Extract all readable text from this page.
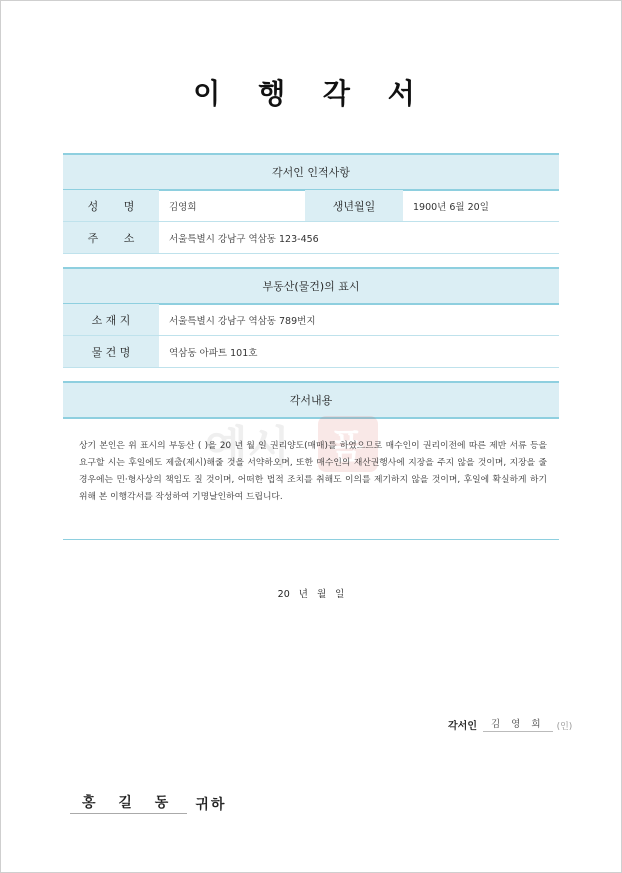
이 행 각 서
각서인 인적사항
성 명	김영희	생년월일	1900년 6월 20일
주 소	서울특별시 강남구 역삼동 123-456
부동산(물건)의 표시
소 재 지	서울특별시 강남구 역삼동 789번지
물 건 명	역삼동 아파트 101호
각서내용
예시 폼
상기 본인은 위 표시의 부동산 ( )을 20 년 월 일 권리양도(매매)를 하였으므로 매수인이 권리이전에 따른 제반 서류 등을 요구할 시는 후일에도 제출(제시)해줄 것을 서약하오며, 또한 매수인의 재산권행사에 지장을 주지 않을 것이며, 지장을 줄 경우에는 민·형사상의 책임도 질 것이며, 어떠한 법적 조치를 취해도 이의를 제기하지 않을 것이며, 후일에 확실하게 하기 위해 본 이행각서를 작성하여 기명날인하여 드립니다.
20 년 월 일
각서인	김 영 희	(인)
홍 길 동	귀하
